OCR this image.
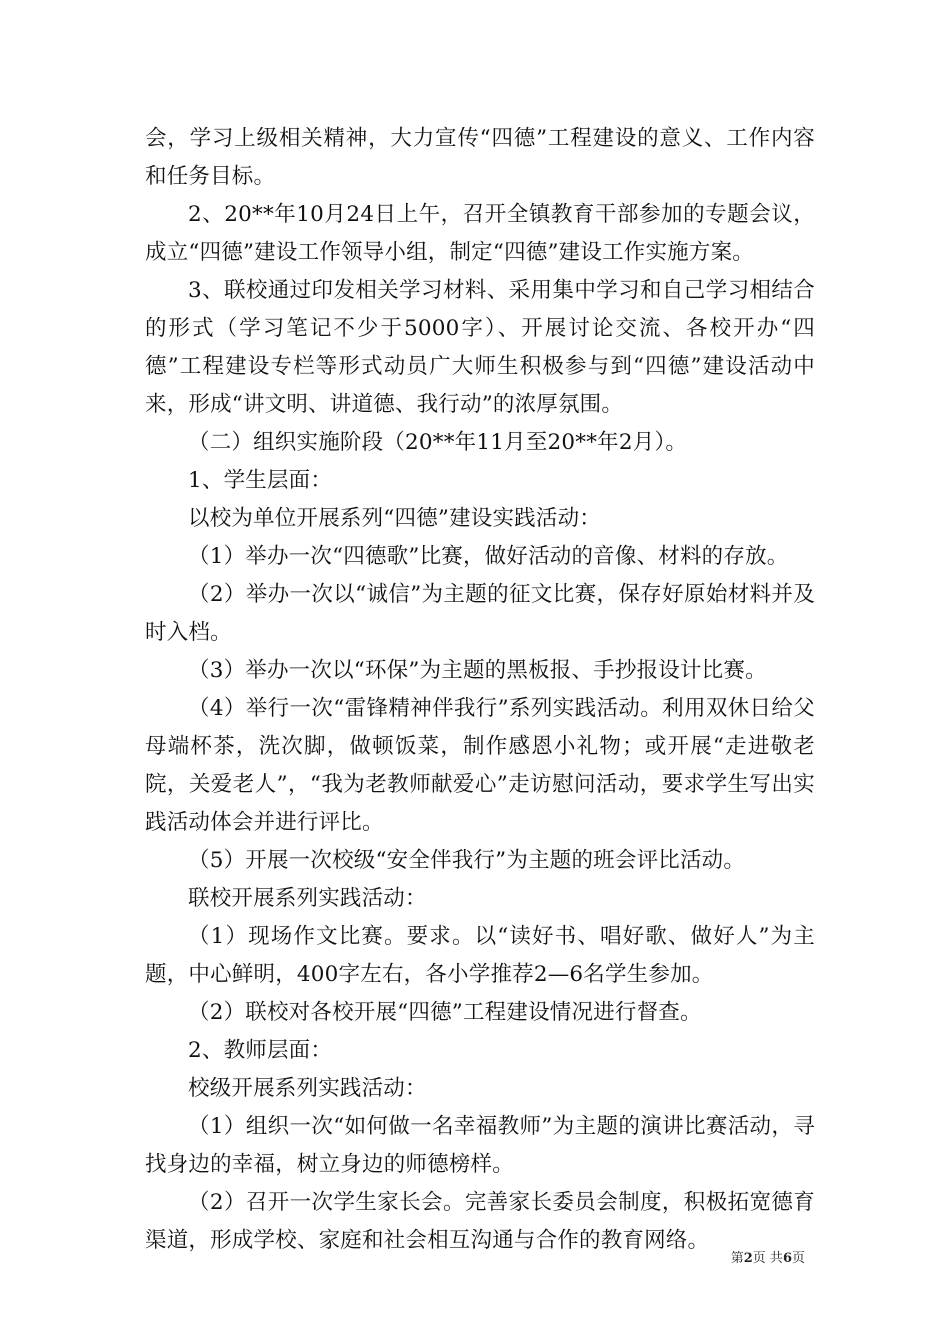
会，学习上级相关精神，大力宣传“四德”工程建设的意义、工作内容和任务目标。

2、20**年10月24日上午，召开全镇教育干部参加的专题会议，成立“四德”建设工作领导小组，制定“四德”建设工作实施方案。

3、联校通过印发相关学习材料、采用集中学习和自己学习相结合的形式（学习笔记不少于5000字）、开展讨论交流、各校开办“四德”工程建设专栏等形式动员广大师生积极参与到“四德”建设活动中来，形成“讲文明、讲道德、我行动”的浓厚氛围。

（二）组织实施阶段（20**年11月至20**年2月）。

1、学生层面：

以校为单位开展系列“四德”建设实践活动：

（1）举办一次“四德歌”比赛，做好活动的音像、材料的存放。

（2）举办一次以“诚信”为主题的征文比赛，保存好原始材料并及时入档。

（3）举办一次以“环保”为主题的黑板报、手抄报设计比赛。

（4）举行一次“雷锋精神伴我行”系列实践活动。利用双休日给父母端杯茶，洗次脚，做顿饭菜，制作感恩小礼物；或开展“走进敬老院，关爱老人”，“我为老教师献爱心”走访慰问活动，要求学生写出实践活动体会并进行评比。

（5）开展一次校级“安全伴我行”为主题的班会评比活动。

联校开展系列实践活动：

（1）现场作文比赛。要求。以“读好书、唱好歌、做好人”为主题，中心鲜明，400字左右，各小学推荐2—6名学生参加。

（2）联校对各校开展“四德”工程建设情况进行督查。

2、教师层面：

校级开展系列实践活动：

（1）组织一次“如何做一名幸福教师”为主题的演讲比赛活动，寻找身边的幸福，树立身边的师德榜样。

（2）召开一次学生家长会。完善家长委员会制度，积极拓宽德育渠道，形成学校、家庭和社会相互沟通与合作的教育网络。

第2页 共6页
